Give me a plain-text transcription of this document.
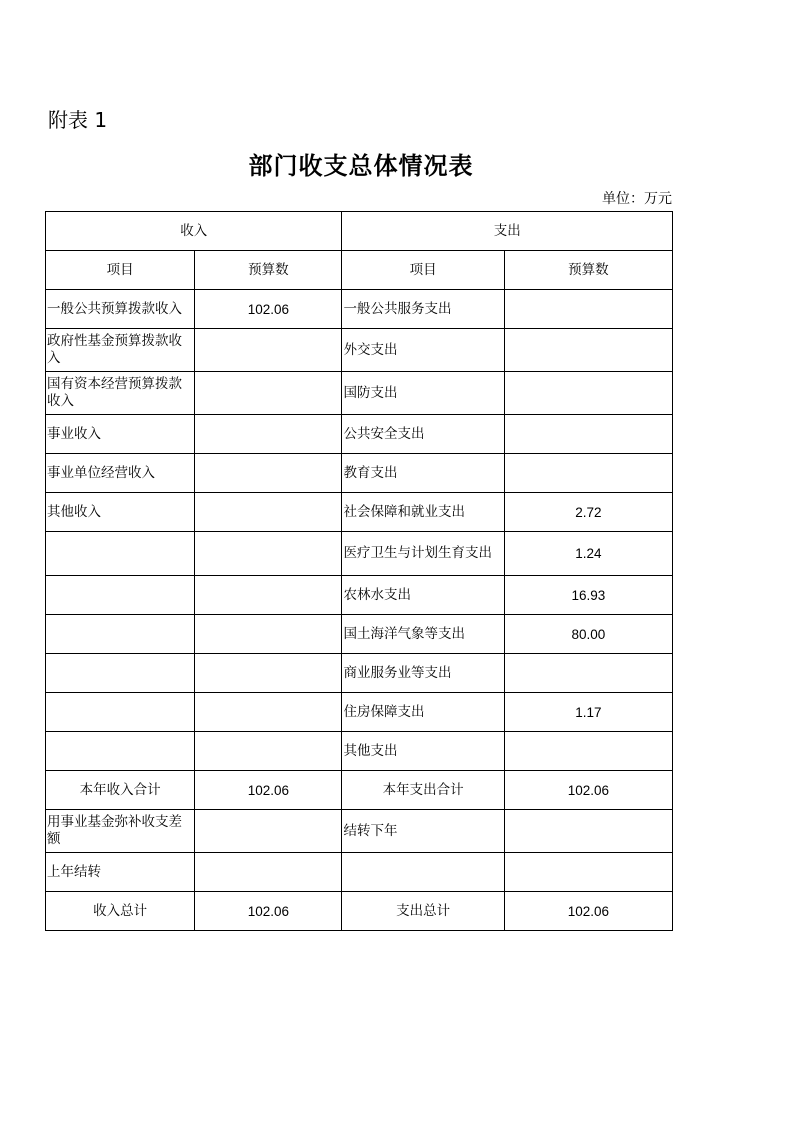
附表 1
部门收支总体情况表
单位：万元
收入		支出	
项目	预算数	项目	预算数
一般公共预算拨款收入	102.06	一般公共服务支出	
政府性基金预算拨款收入		外交支出	
国有资本经营预算拨款收入		国防支出	
事业收入		公共安全支出	
事业单位经营收入		教育支出	
其他收入		社会保障和就业支出	2.72
		医疗卫生与计划生育支出	1.24
		农林水支出	16.93
		国土海洋气象等支出	80.00
		商业服务业等支出	
		住房保障支出	1.17
		其他支出	
本年收入合计	102.06	本年支出合计	102.06
用事业基金弥补收支差额		结转下年	
上年结转			
收入总计	102.06	支出总计	102.06
